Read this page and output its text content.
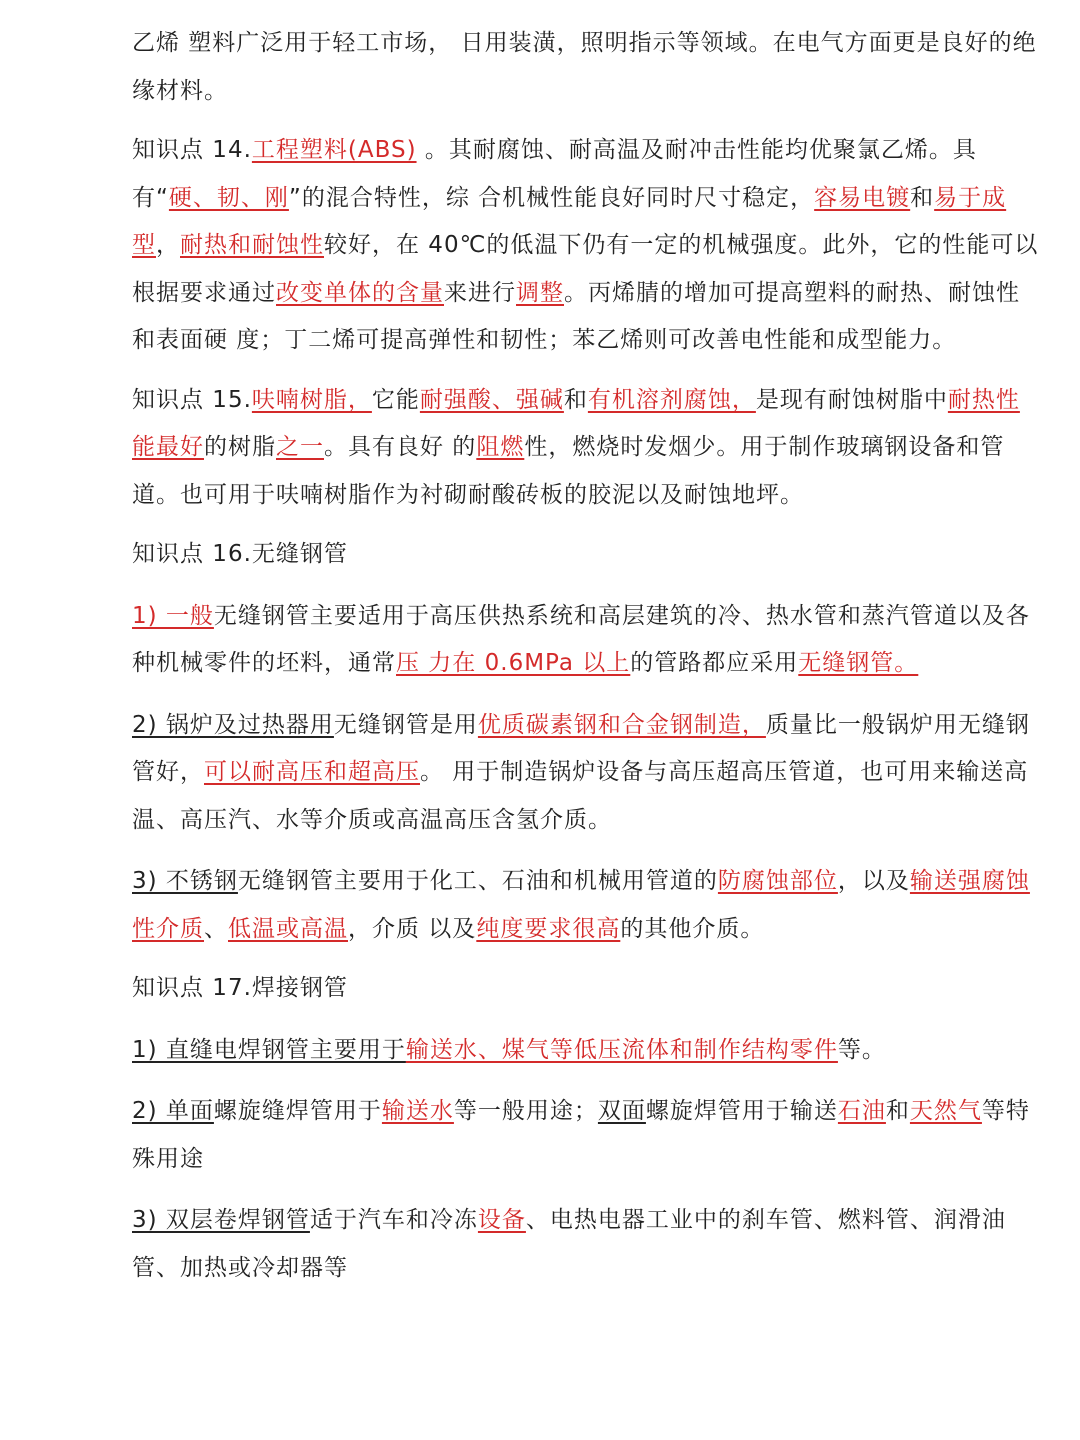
乙烯 塑料广泛用于轻工市场， 日用装潢，照明指示等领域。在电气方面更是良好的绝缘材料。

知识点 14.工程塑料(ABS) 。其耐腐蚀、耐高温及耐冲击性能均优聚氯乙烯。具有“硬、韧、刚”的混合特性，综 合机械性能良好同时尺寸稳定，容易电镀和易于成型，耐热和耐蚀性较好，在 40℃的低温下仍有一定的机械强度。此外，它的性能可以根据要求通过改变单体的含量来进行调整。丙烯腈的增加可提高塑料的耐热、耐蚀性和表面硬 度；丁二烯可提高弹性和韧性；苯乙烯则可改善电性能和成型能力。

知识点 15.呋喃树脂，它能耐强酸、强碱和有机溶剂腐蚀，是现有耐蚀树脂中耐热性能最好的树脂之一。具有良好 的阻燃性，燃烧时发烟少。用于制作玻璃钢设备和管道。也可用于呋喃树脂作为衬砌耐酸砖板的胶泥以及耐蚀地坪。

知识点 16.无缝钢管

1) 一般无缝钢管主要适用于高压供热系统和高层建筑的冷、热水管和蒸汽管道以及各种机械零件的坯料，通常压 力在 0.6MPa 以上的管路都应采用无缝钢管。

2) 锅炉及过热器用无缝钢管是用优质碳素钢和合金钢制造，质量比一般锅炉用无缝钢管好，可以耐高压和超高压。 用于制造锅炉设备与高压超高压管道，也可用来输送高温、高压汽、水等介质或高温高压含氢介质。

3) 不锈钢无缝钢管主要用于化工、石油和机械用管道的防腐蚀部位，以及输送强腐蚀性介质、低温或高温，介质 以及纯度要求很高的其他介质。

知识点 17.焊接钢管

1) 直缝电焊钢管主要用于输送水、煤气等低压流体和制作结构零件等。

2) 单面螺旋缝焊管用于输送水等一般用途；双面螺旋焊管用于输送石油和天然气等特殊用途

3) 双层卷焊钢管适于汽车和冷冻设备、电热电器工业中的刹车管、燃料管、润滑油管、加热或冷却器等
